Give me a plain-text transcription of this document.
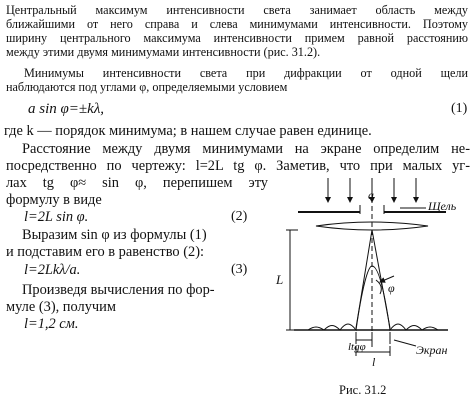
Центральный максимум интенсивности света занимает область между
ближайшими от него справа и слева минимумами интенсивности. Поэтому
ширину центрального максимума интенсивности примем равной расстоянию
между этими двумя минимумами интенсивности (рис. 31.2).
Минимумы интенсивности света при дифракции от одной щели
наблюдаются под углами φ, определяемыми условием
a sin φ=±kλ,	(1)
где k — порядок минимума; в нашем случае равен единице.
Расстояние между двумя минимумами на экране определим не-
посредственно по чертежу: l=2L tg φ. Заметив, что при малых уг-
лах tg φ≈ sin φ, перепишем эту
формулу в виде
l=2L sin φ.	(2)
Выразим sin φ из формулы (1)
и подставим его в равенство (2):
l=2Lkλ/a.	(3)
Произведя вычисления по фор-
муле (3), получим
l=1,2 см.
a
Щель
L
φ
ltgφ
l
Экран
Рис. 31.2
